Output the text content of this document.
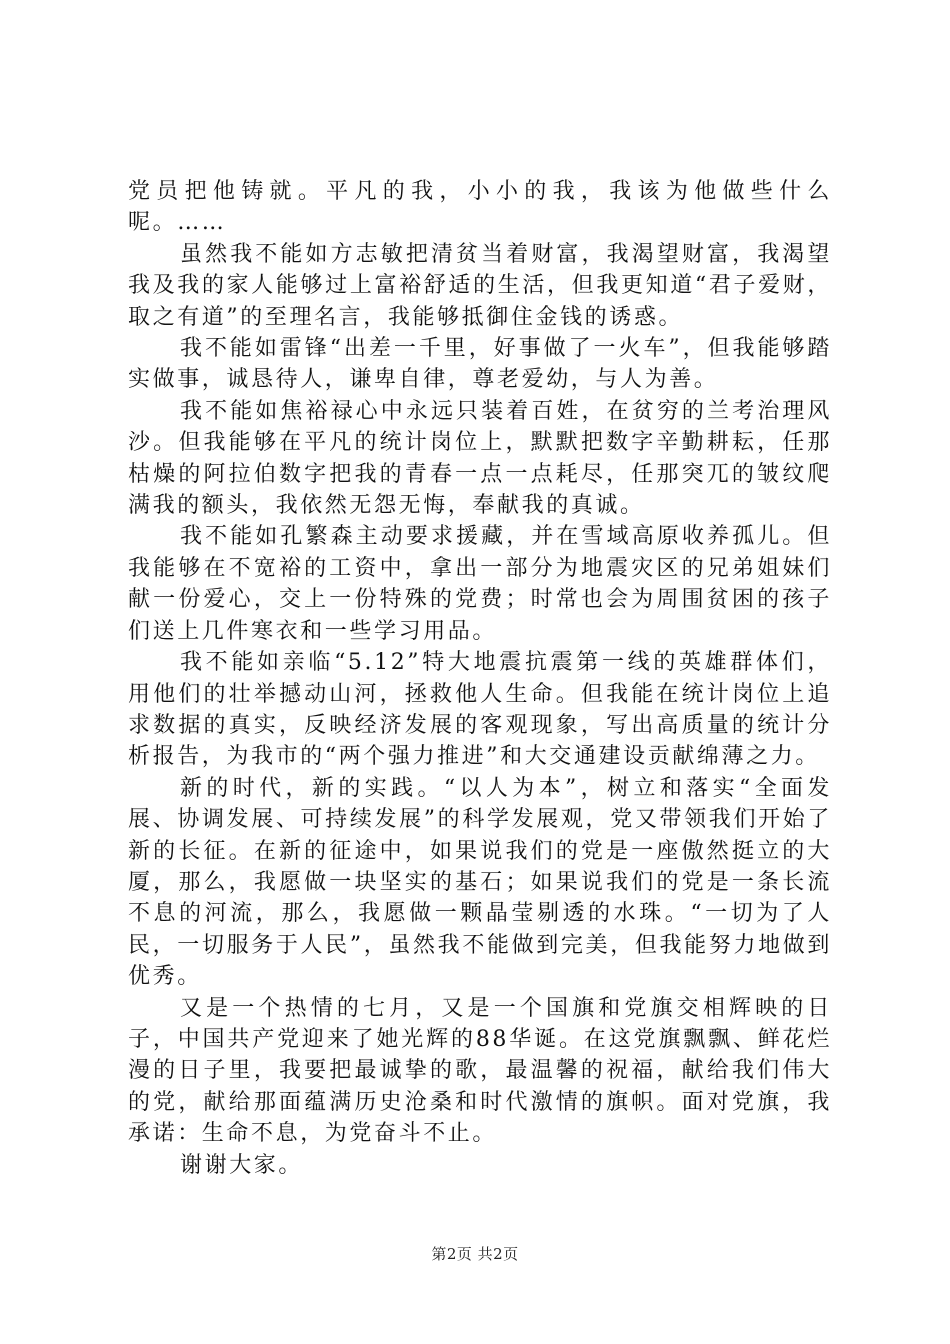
党员把他铸就。平凡的我，小小的我，我该为他做些什么呢。……

虽然我不能如方志敏把清贫当着财富，我渴望财富，我渴望我及我的家人能够过上富裕舒适的生活，但我更知道“君子爱财，取之有道”的至理名言，我能够抵御住金钱的诱惑。

我不能如雷锋“出差一千里，好事做了一火车”，但我能够踏实做事，诚恳待人，谦卑自律，尊老爱幼，与人为善。

我不能如焦裕禄心中永远只装着百姓，在贫穷的兰考治理风沙。但我能够在平凡的统计岗位上，默默把数字辛勤耕耘，任那枯燥的阿拉伯数字把我的青春一点一点耗尽，任那突兀的皱纹爬满我的额头，我依然无怨无悔，奉献我的真诚。

我不能如孔繁森主动要求援藏，并在雪域高原收养孤儿。但我能够在不宽裕的工资中，拿出一部分为地震灾区的兄弟姐妹们献一份爱心，交上一份特殊的党费；时常也会为周围贫困的孩子们送上几件寒衣和一些学习用品。

我不能如亲临“5.12”特大地震抗震第一线的英雄群体们，用他们的壮举撼动山河，拯救他人生命。但我能在统计岗位上追求数据的真实，反映经济发展的客观现象，写出高质量的统计分析报告，为我市的“两个强力推进”和大交通建设贡献绵薄之力。

新的时代，新的实践。“以人为本”，树立和落实“全面发展、协调发展、可持续发展”的科学发展观，党又带领我们开始了新的长征。在新的征途中，如果说我们的党是一座傲然挺立的大厦，那么，我愿做一块坚实的基石；如果说我们的党是一条长流不息的河流，那么，我愿做一颗晶莹剔透的水珠。“一切为了人民，一切服务于人民”，虽然我不能做到完美，但我能努力地做到优秀。

又是一个热情的七月，又是一个国旗和党旗交相辉映的日子，中国共产党迎来了她光辉的88华诞。在这党旗飘飘、鲜花烂漫的日子里，我要把最诚挚的歌，最温馨的祝福，献给我们伟大的党，献给那面蕴满历史沧桑和时代激情的旗帜。面对党旗，我承诺：生命不息，为党奋斗不止。

谢谢大家。

第2页 共2页
